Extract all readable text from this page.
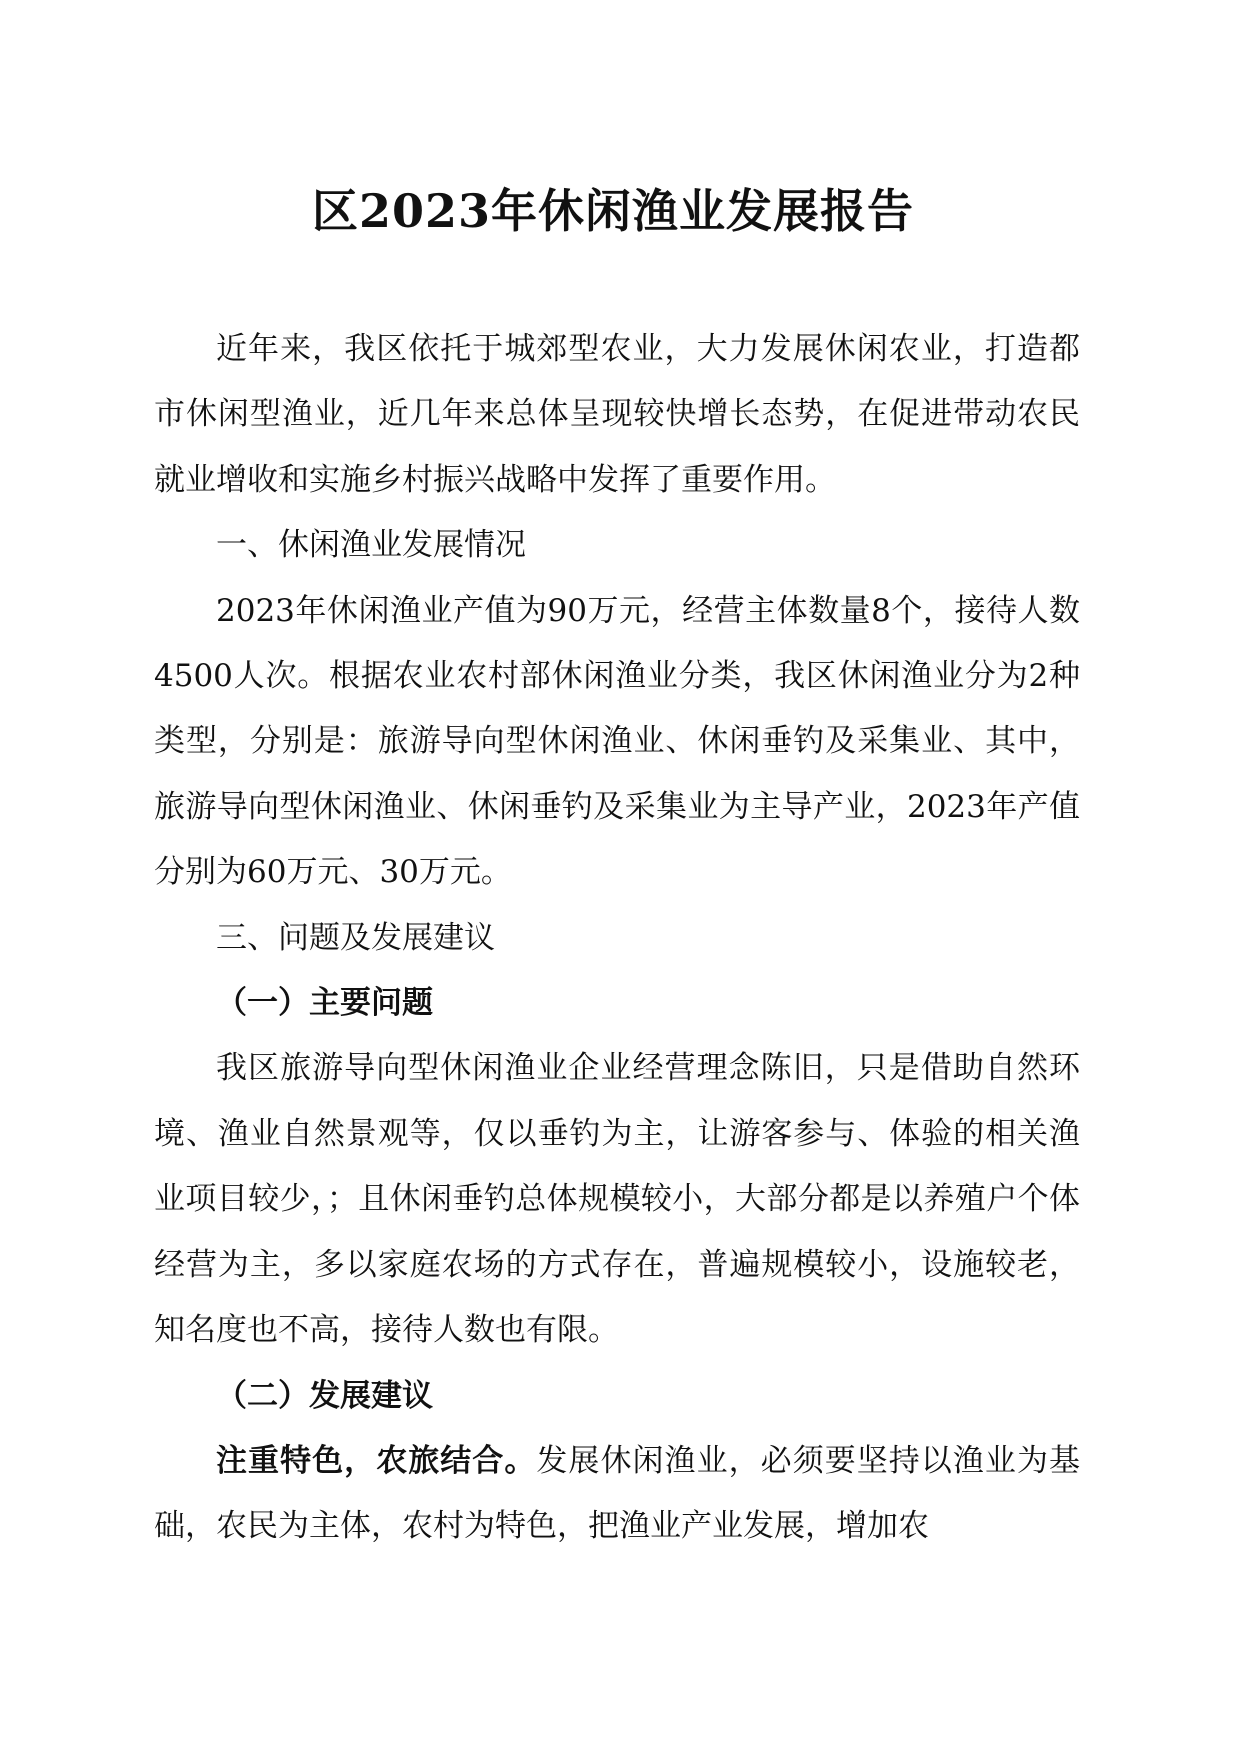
区2023年休闲渔业发展报告

近年来，我区依托于城郊型农业，大力发展休闲农业，打造都市休闲型渔业，近几年来总体呈现较快增长态势，在促进带动农民就业增收和实施乡村振兴战略中发挥了重要作用。

一、休闲渔业发展情况

2023年休闲渔业产值为90万元，经营主体数量8个，接待人数4500人次。根据农业农村部休闲渔业分类，我区休闲渔业分为2种类型，分别是：旅游导向型休闲渔业、休闲垂钓及采集业、其中，旅游导向型休闲渔业、休闲垂钓及采集业为主导产业，2023年产值分别为60万元、30万元。

三、问题及发展建议

（一）主要问题

我区旅游导向型休闲渔业企业经营理念陈旧，只是借助自然环境、渔业自然景观等，仅以垂钓为主，让游客参与、体验的相关渔业项目较少，；且休闲垂钓总体规模较小，大部分都是以养殖户个体经营为主，多以家庭农场的方式存在，普遍规模较小，设施较老，知名度也不高，接待人数也有限。

（二）发展建议

注重特色，农旅结合。发展休闲渔业，必须要坚持以渔业为基础，农民为主体，农村为特色，把渔业产业发展，增加农
